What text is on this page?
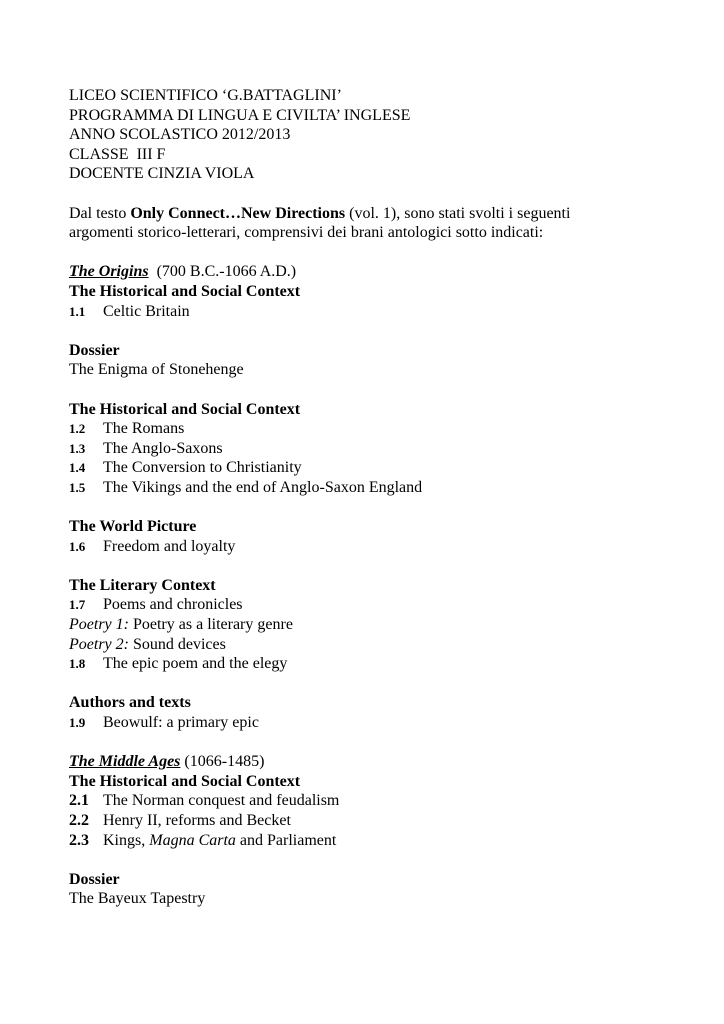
LICEO SCIENTIFICO ‘G.BATTAGLINI’
PROGRAMMA DI LINGUA E CIVILTA’ INGLESE
ANNO SCOLASTICO 2012/2013
CLASSE  III F
DOCENTE CINZIA VIOLA
Dal testo Only Connect…New Directions (vol. 1), sono stati svolti i seguenti
argomenti storico-letterari, comprensivi dei brani antologici sotto indicati:
The Origins  (700 B.C.-1066 A.D.)
The Historical and Social Context
1.1 Celtic Britain
Dossier
The Enigma of Stonehenge
The Historical and Social Context
1.2 The Romans
1.3 The Anglo-Saxons
1.4 The Conversion to Christianity
1.5 The Vikings and the end of Anglo-Saxon England
The World Picture
1.6 Freedom and loyalty
The Literary Context
1.7 Poems and chronicles
Poetry 1: Poetry as a literary genre
Poetry 2: Sound devices
1.8 The epic poem and the elegy
Authors and texts
1.9 Beowulf: a primary epic
The Middle Ages (1066-1485)
The Historical and Social Context
2.1 The Norman conquest and feudalism
2.2 Henry II, reforms and Becket
2.3 Kings, Magna Carta and Parliament
Dossier
The Bayeux Tapestry
